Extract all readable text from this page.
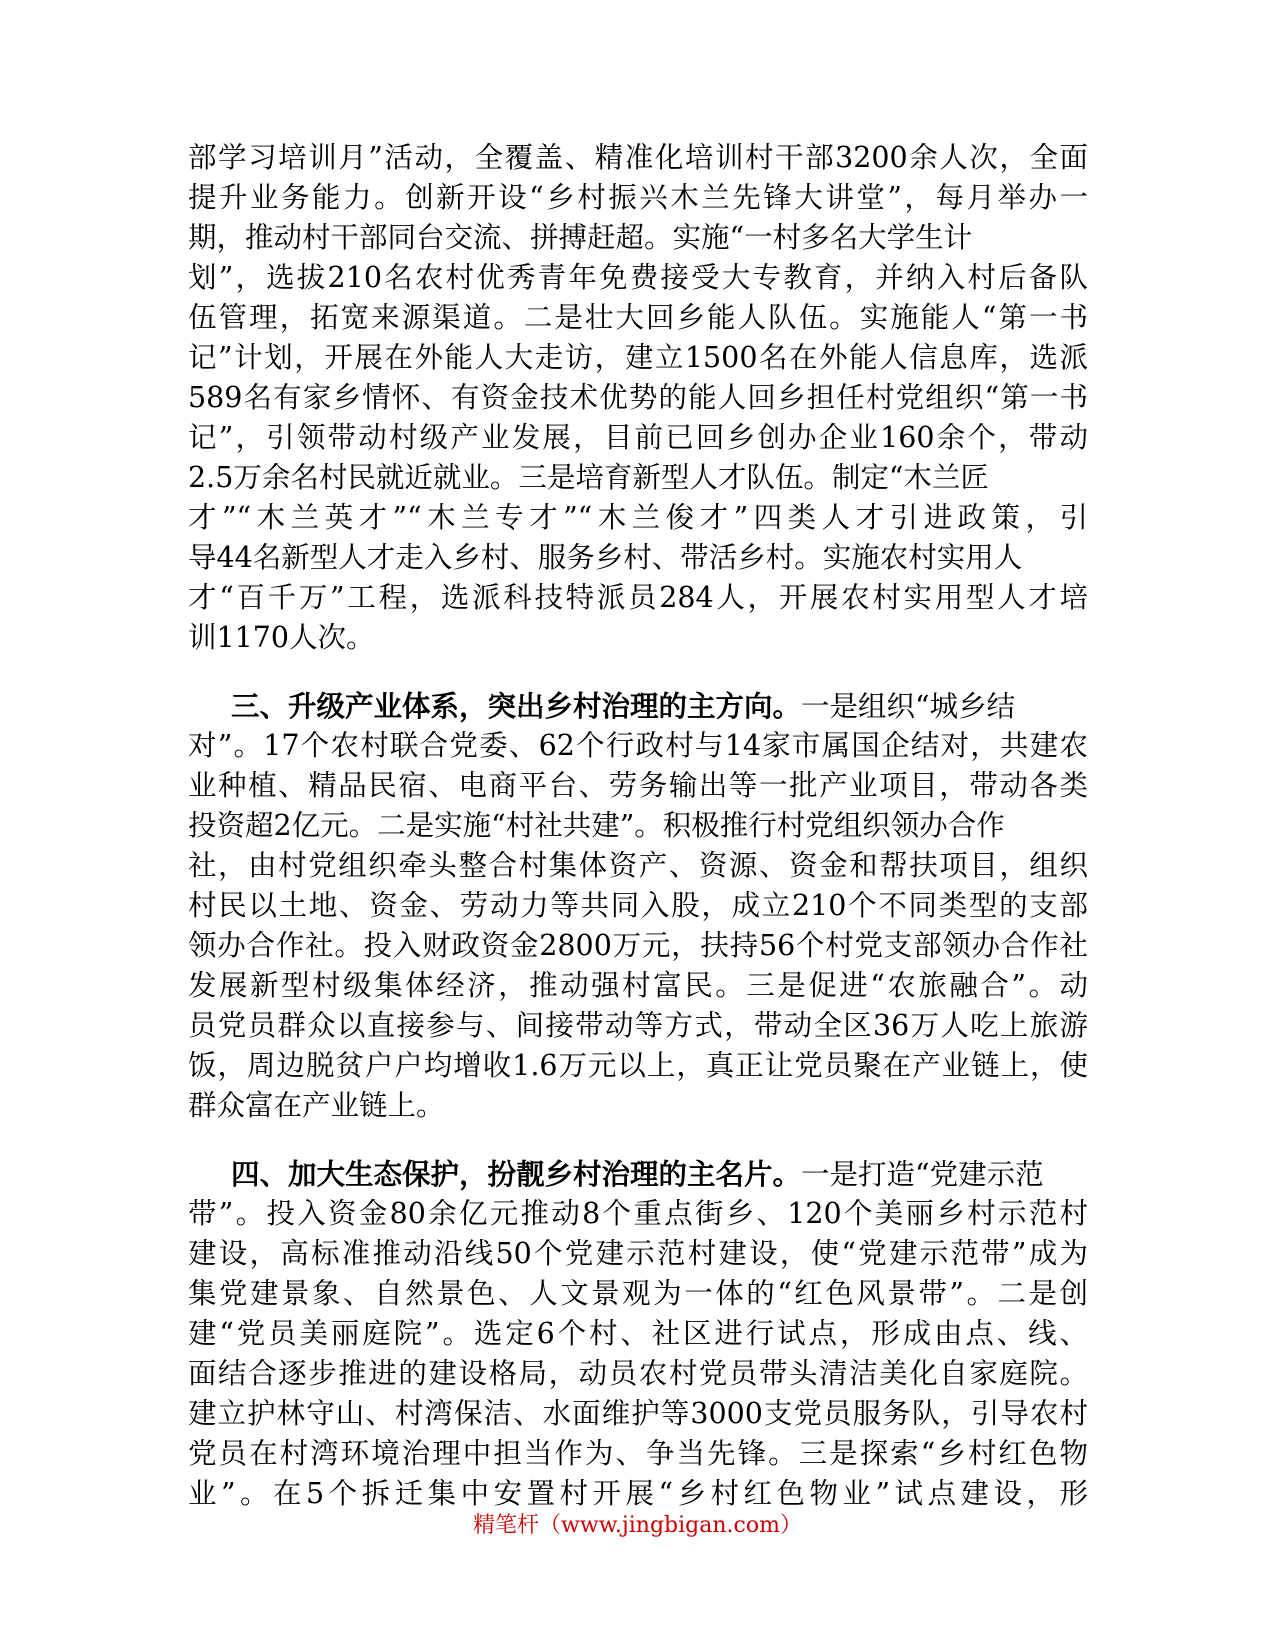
部学习培训月”活动，全覆盖、精准化培训村干部3200余人次，全面
提升业务能力。创新开设“乡村振兴木兰先锋大讲堂”，每月举办一
期，推动村干部同台交流、拼搏赶超。实施“一村多名大学生计
划”，选拔210名农村优秀青年免费接受大专教育，并纳入村后备队
伍管理，拓宽来源渠道。二是壮大回乡能人队伍。实施能人“第一书
记”计划，开展在外能人大走访，建立1500名在外能人信息库，选派
589名有家乡情怀、有资金技术优势的能人回乡担任村党组织“第一书
记”，引领带动村级产业发展，目前已回乡创办企业160余个，带动
2.5万余名村民就近就业。三是培育新型人才队伍。制定“木兰匠
才”“木兰英才”“木兰专才”“木兰俊才”四类人才引进政策，引
导44名新型人才走入乡村、服务乡村、带活乡村。实施农村实用人
才“百千万”工程，选派科技特派员284人，开展农村实用型人才培
训1170人次。
三、升级产业体系，突出乡村治理的主方向。一是组织“城乡结
对”。17个农村联合党委、62个行政村与14家市属国企结对，共建农
业种植、精品民宿、电商平台、劳务输出等一批产业项目，带动各类
投资超2亿元。二是实施“村社共建”。积极推行村党组织领办合作
社，由村党组织牵头整合村集体资产、资源、资金和帮扶项目，组织
村民以土地、资金、劳动力等共同入股，成立210个不同类型的支部
领办合作社。投入财政资金2800万元，扶持56个村党支部领办合作社
发展新型村级集体经济，推动强村富民。三是促进“农旅融合”。动
员党员群众以直接参与、间接带动等方式，带动全区36万人吃上旅游
饭，周边脱贫户户均增收1.6万元以上，真正让党员聚在产业链上，使
群众富在产业链上。
四、加大生态保护，扮靓乡村治理的主名片。一是打造“党建示范
带”。投入资金80余亿元推动8个重点街乡、120个美丽乡村示范村
建设，高标准推动沿线50个党建示范村建设，使“党建示范带”成为
集党建景象、自然景色、人文景观为一体的“红色风景带”。二是创
建“党员美丽庭院”。选定6个村、社区进行试点，形成由点、线、
面结合逐步推进的建设格局，动员农村党员带头清洁美化自家庭院。
建立护林守山、村湾保洁、水面维护等3000支党员服务队，引导农村
党员在村湾环境治理中担当作为、争当先锋。三是探索“乡村红色物
业”。在5个拆迁集中安置村开展“乡村红色物业”试点建设，形
精笔杆（www.jingbigan.com）
